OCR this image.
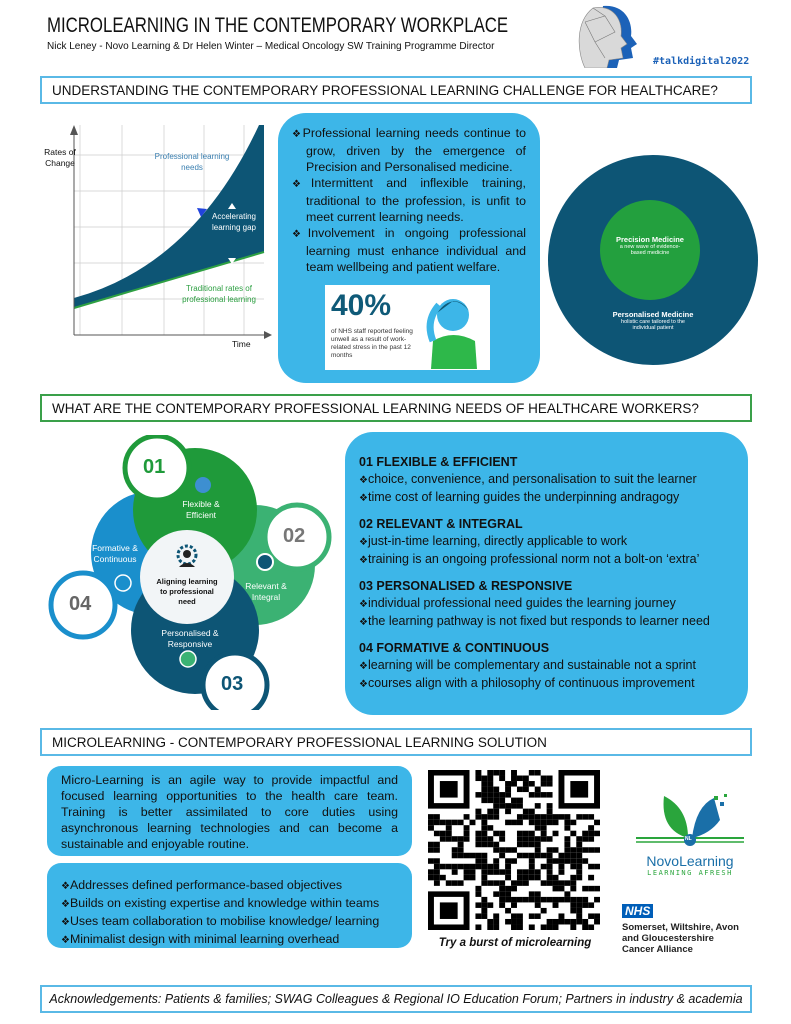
MICROLEARNING IN THE CONTEMPORARY WORKPLACE
Nick Leney - Novo Learning & Dr Helen Winter – Medical Oncology SW Training Programme Director
#talkdigital2022
UNDERSTANDING THE CONTEMPORARY PROFESSIONAL LEARNING CHALLENGE FOR HEALTHCARE?
Rates of Change
Time
Professional learning needs
Accelerating learning gap
Traditional rates of professional learning
❖ Professional learning needs continue to grow, driven by the emergence of Precision and Personalised medicine.
❖ Intermittent and inflexible training, traditional to the profession, is unfit to meet current learning needs.
❖ Involvement in ongoing professional learning must enhance individual and team wellbeing and patient welfare.
40%
of NHS staff reported feeling unwell as a result of work-related stress in the past 12 months
Precision Medicine
a new wave of evidence-based medicine
Personalised Medicine
holistic care tailored to the individual patient
WHAT ARE THE CONTEMPORARY PROFESSIONAL LEARNING NEEDS OF HEALTHCARE WORKERS?
01
02
03
04
Flexible & Efficient
Relevant & Integral
Personalised & Responsive
Formative & Continuous
Aligning learning to professional need
01 FLEXIBLE & EFFICIENT
❖ choice, convenience, and personalisation to suit the learner
❖ time cost of learning guides the underpinning andragogy
02 RELEVANT & INTEGRAL
❖ just-in-time learning, directly applicable to work
❖ training is an ongoing professional norm not a bolt-on ‘extra’
03 PERSONALISED & RESPONSIVE
❖ individual professional need guides the learning journey
❖ the learning pathway is not fixed but responds to learner need
04 FORMATIVE & CONTINUOUS
❖ learning will be complementary and sustainable not a sprint
❖ courses align with a philosophy of continuous improvement
MICROLEARNING - CONTEMPORARY PROFESSIONAL LEARNING SOLUTION
Micro-Learning is an agile way to provide impactful and focused learning opportunities to the health care team. Training is better assimilated to core duties using asynchronous learning technologies and can become a sustainable and enjoyable routine.
❖ Addresses defined performance-based objectives
❖ Builds on existing expertise and knowledge within teams
❖ Uses team collaboration to mobilise knowledge/ learning
❖ Minimalist design with minimal learning overhead	Try a burst of microlearning
NL
NovoLearning
LEARNING AFRESH
NHS
Somerset, Wiltshire, Avon and Gloucestershire Cancer Alliance
Acknowledgements: Patients & families; SWAG Colleagues & Regional IO Education Forum; Partners in industry & academia
